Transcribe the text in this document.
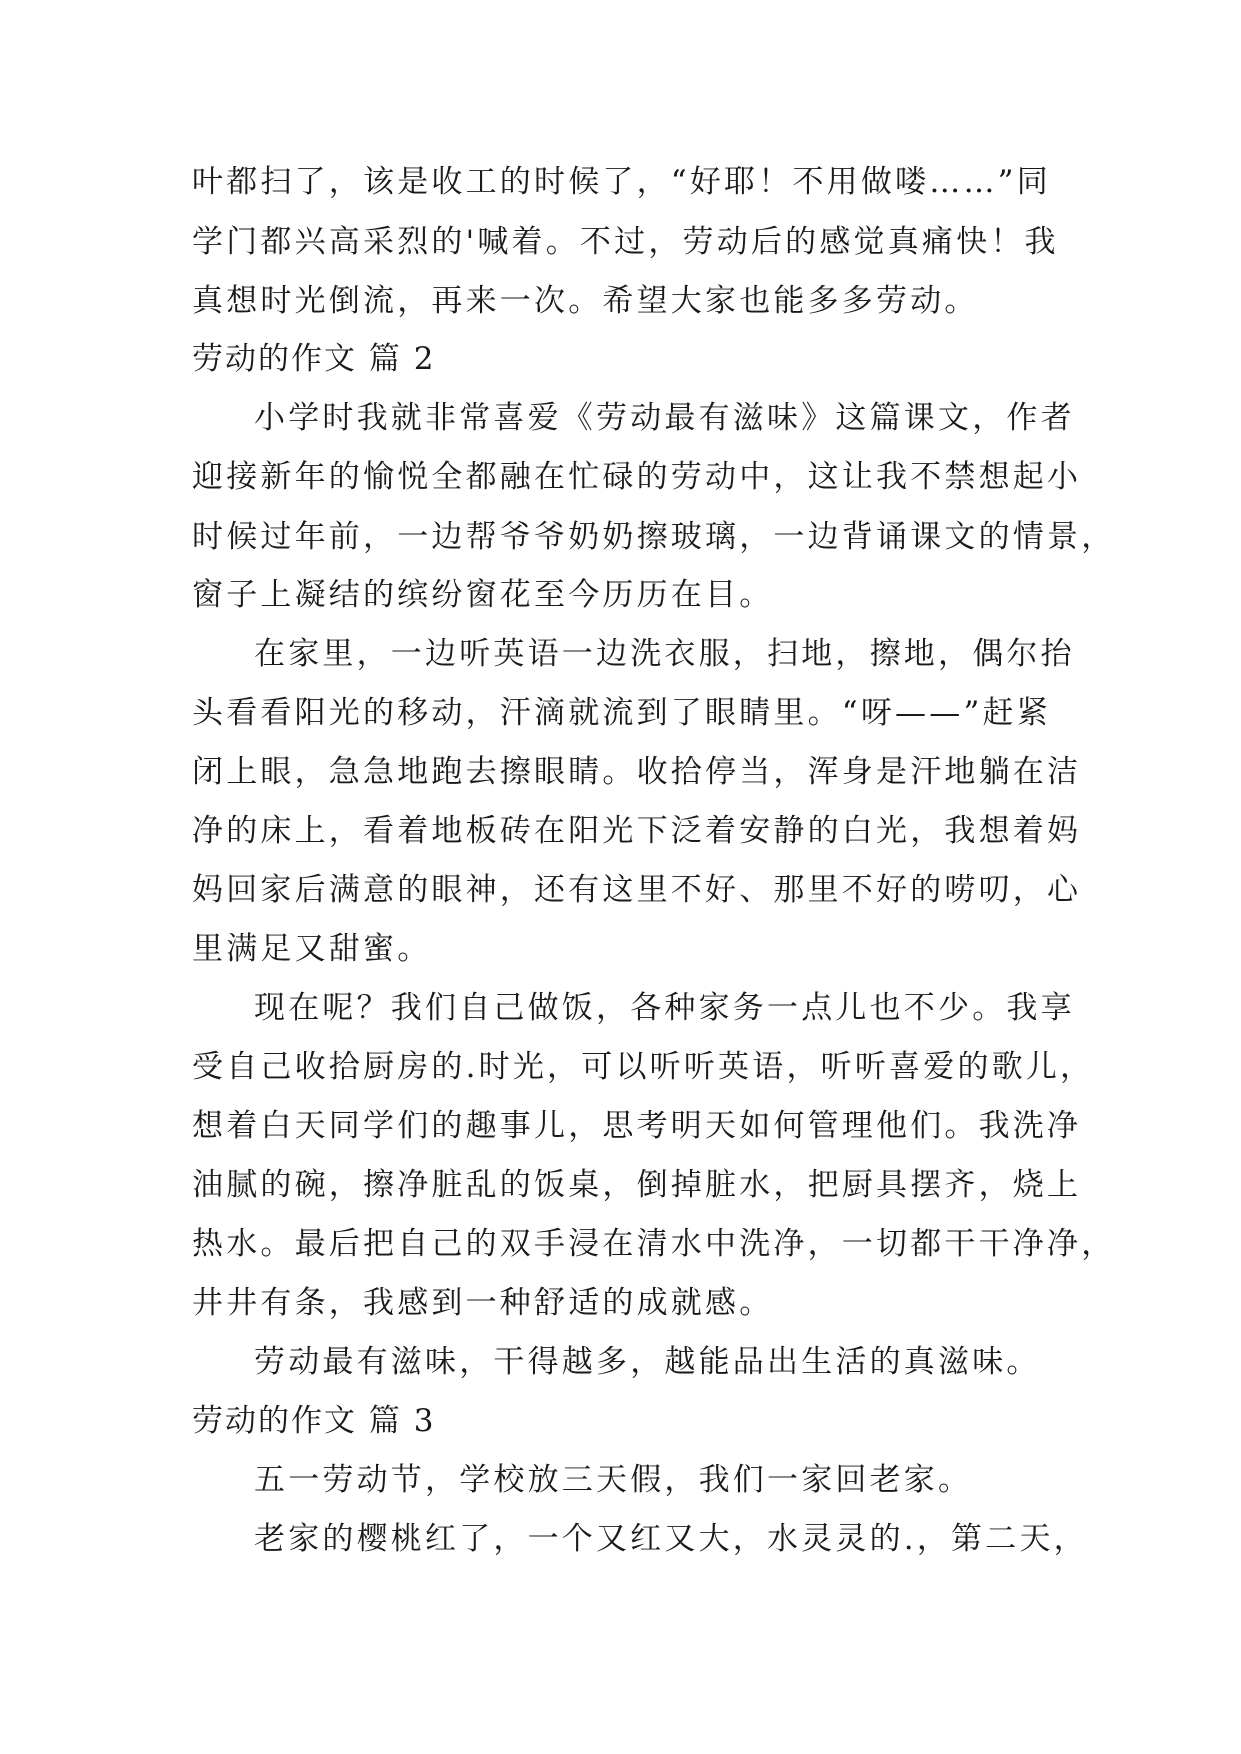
叶都扫了，该是收工的时候了，“好耶！不用做喽……”同
学门都兴高采烈的'喊着。不过，劳动后的感觉真痛快！我
真想时光倒流，再来一次。希望大家也能多多劳动。
劳动的作文 篇 2
小学时我就非常喜爱《劳动最有滋味》这篇课文，作者
迎接新年的愉悦全都融在忙碌的劳动中，这让我不禁想起小
时候过年前，一边帮爷爷奶奶擦玻璃，一边背诵课文的情景，
窗子上凝结的缤纷窗花至今历历在目。
在家里，一边听英语一边洗衣服，扫地，擦地，偶尔抬
头看看阳光的移动，汗滴就流到了眼睛里。“呀——”赶紧
闭上眼，急急地跑去擦眼睛。收拾停当，浑身是汗地躺在洁
净的床上，看着地板砖在阳光下泛着安静的白光，我想着妈
妈回家后满意的眼神，还有这里不好、那里不好的唠叨，心
里满足又甜蜜。
现在呢？我们自己做饭，各种家务一点儿也不少。我享
受自己收拾厨房的.时光，可以听听英语，听听喜爱的歌儿，
想着白天同学们的趣事儿，思考明天如何管理他们。我洗净
油腻的碗，擦净脏乱的饭桌，倒掉脏水，把厨具摆齐，烧上
热水。最后把自己的双手浸在清水中洗净，一切都干干净净，
井井有条，我感到一种舒适的成就感。
劳动最有滋味，干得越多，越能品出生活的真滋味。
劳动的作文 篇 3
五一劳动节，学校放三天假，我们一家回老家。
老家的樱桃红了，一个又红又大，水灵灵的.，第二天，
